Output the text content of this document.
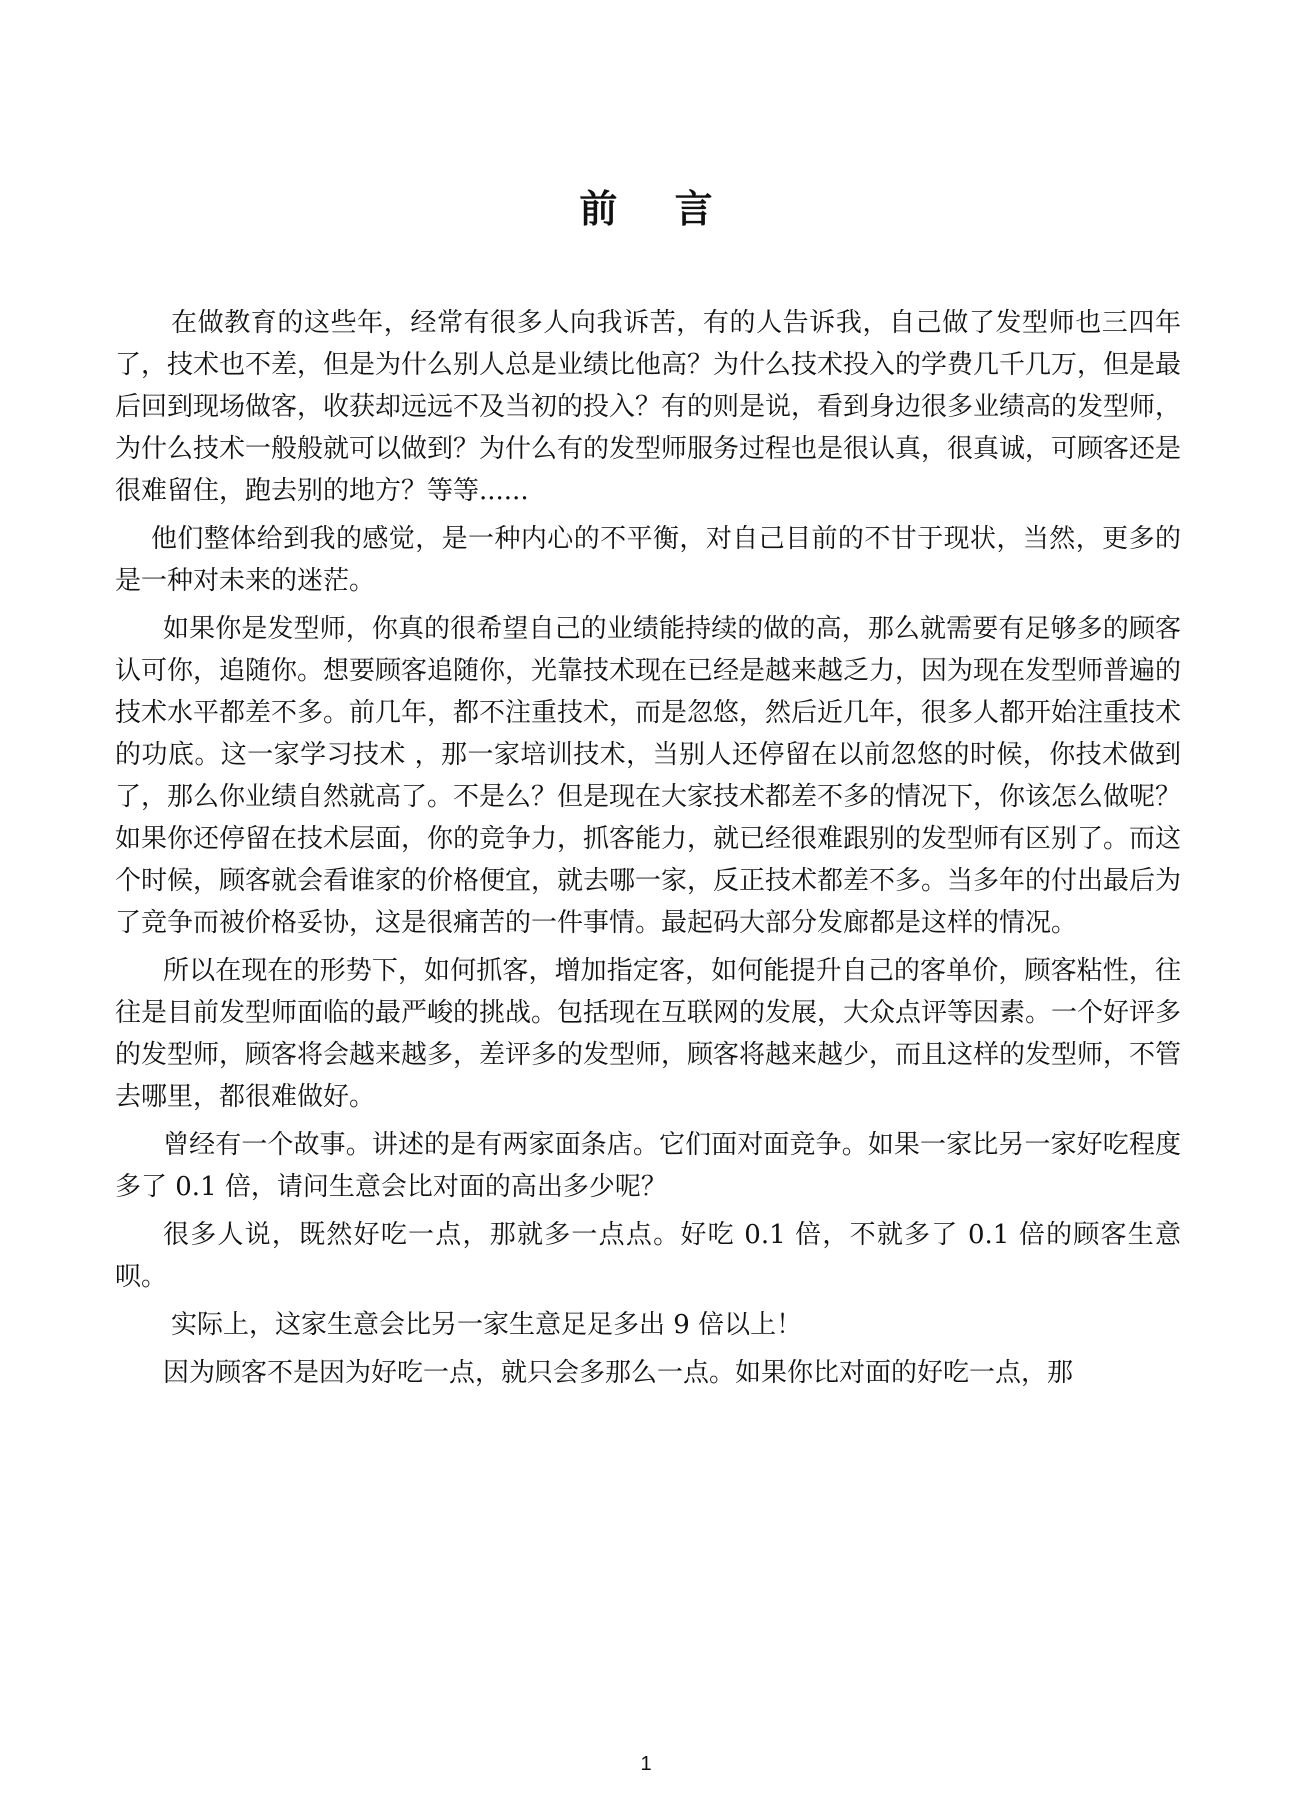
前 言

在做教育的这些年，经常有很多人向我诉苦，有的人告诉我，自己做了发型师也三四年了，技术也不差，但是为什么别人总是业绩比他高？为什么技术投入的学费几千几万，但是最后回到现场做客，收获却远远不及当初的投入？有的则是说，看到身边很多业绩高的发型师，为什么技术一般般就可以做到？为什么有的发型师服务过程也是很认真，很真诚，可顾客还是很难留住，跑去别的地方？等等......

他们整体给到我的感觉，是一种内心的不平衡，对自己目前的不甘于现状，当然，更多的是一种对未来的迷茫。

如果你是发型师，你真的很希望自己的业绩能持续的做的高，那么就需要有足够多的顾客认可你，追随你。想要顾客追随你，光靠技术现在已经是越来越乏力，因为现在发型师普遍的技术水平都差不多。前几年，都不注重技术，而是忽悠，然后近几年，很多人都开始注重技术的功底。这一家学习技术 ，那一家培训技术，当别人还停留在以前忽悠的时候，你技术做到了，那么你业绩自然就高了。不是么？但是现在大家技术都差不多的情况下，你该怎么做呢？如果你还停留在技术层面，你的竞争力，抓客能力，就已经很难跟别的发型师有区别了。而这个时候，顾客就会看谁家的价格便宜，就去哪一家，反正技术都差不多。当多年的付出最后为了竞争而被价格妥协，这是很痛苦的一件事情。最起码大部分发廊都是这样的情况。

所以在现在的形势下，如何抓客，增加指定客，如何能提升自己的客单价，顾客粘性，往往是目前发型师面临的最严峻的挑战。包括现在互联网的发展，大众点评等因素。一个好评多的发型师，顾客将会越来越多，差评多的发型师，顾客将越来越少，而且这样的发型师，不管去哪里，都很难做好。

曾经有一个故事。讲述的是有两家面条店。它们面对面竞争。如果一家比另一家好吃程度多了 0.1 倍，请问生意会比对面的高出多少呢？

很多人说，既然好吃一点，那就多一点点。好吃 0.1 倍，不就多了 0.1 倍的顾客生意呗。

实际上，这家生意会比另一家生意足足多出 9 倍以上！

因为顾客不是因为好吃一点，就只会多那么一点。如果你比对面的好吃一点，那

1
